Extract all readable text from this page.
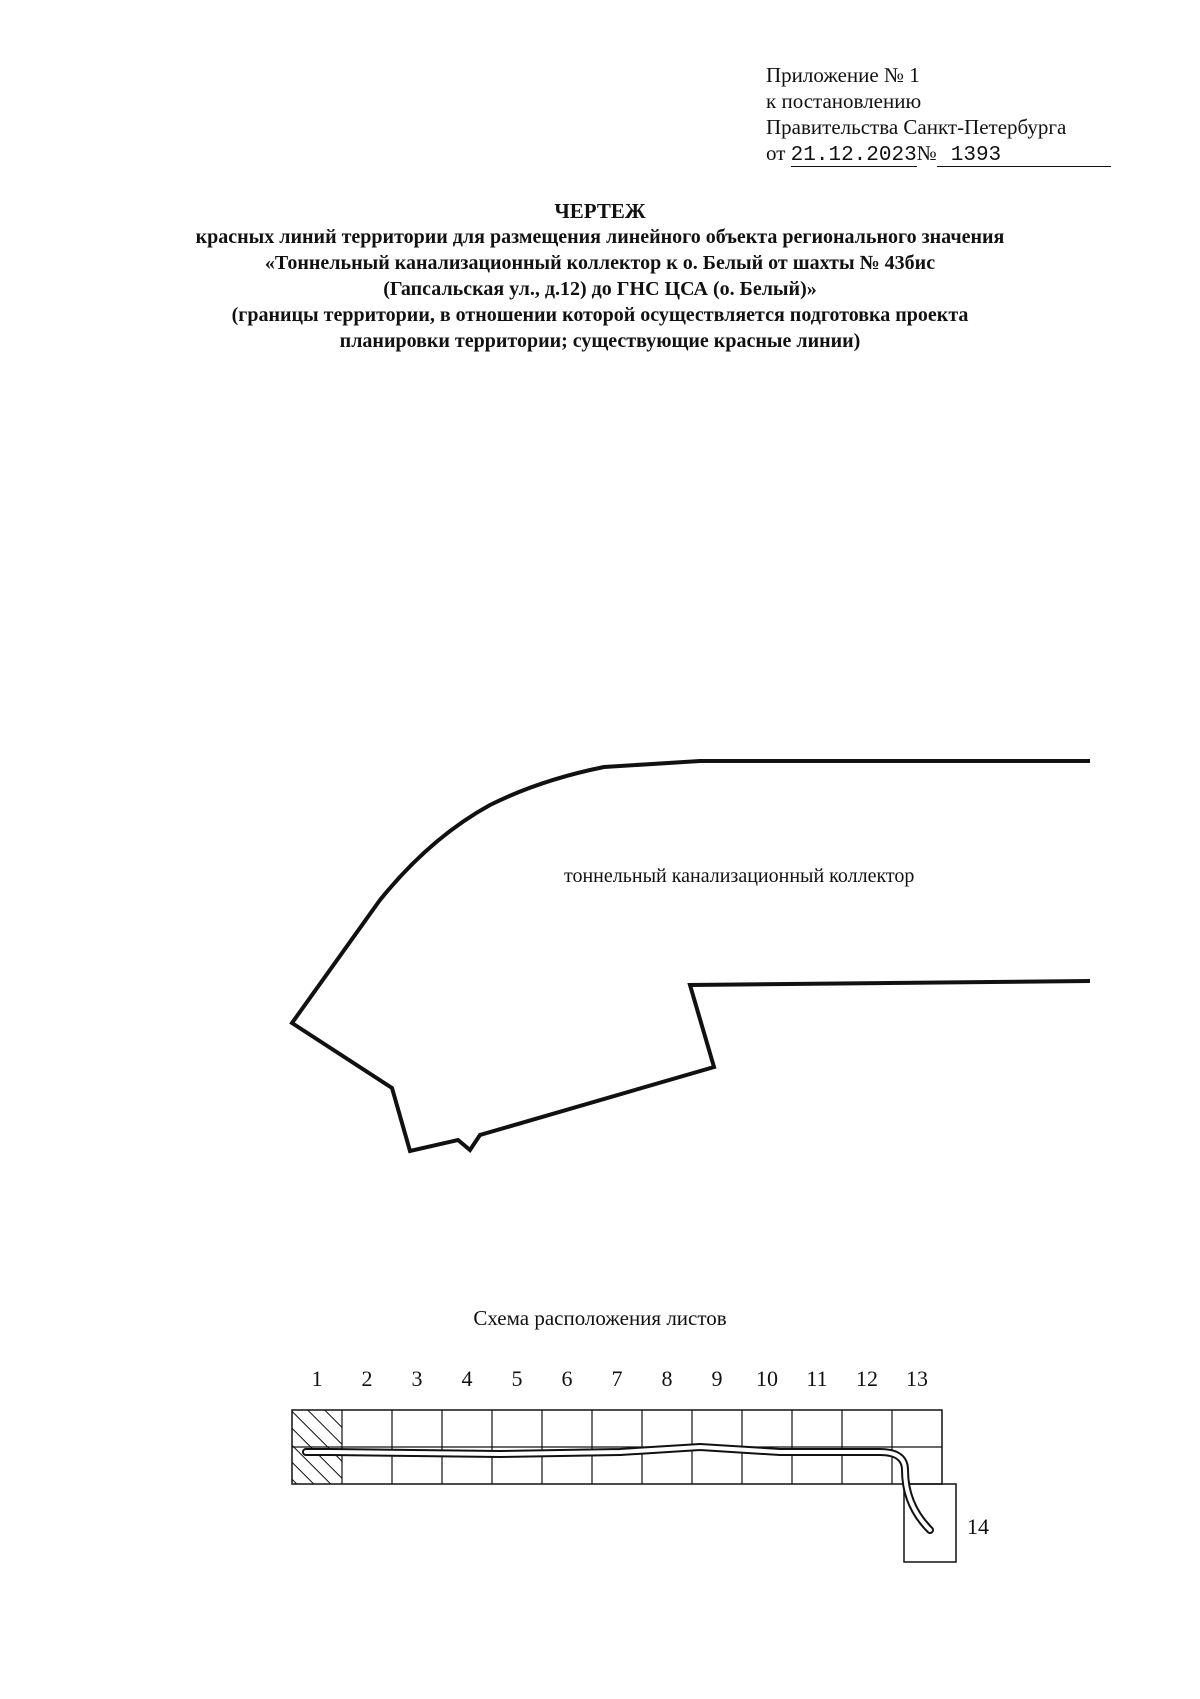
Приложение № 1
к постановлению
Правительства Санкт-Петербурга
от 21.12.2023№ 1393
ЧЕРТЕЖ
красных линий территории для размещения линейного объекта регионального значения
«Тоннельный канализационный коллектор к о. Белый от шахты № 43бис
(Гапсальская ул., д.12) до ГНС ЦСА (о. Белый)»
(границы территории, в отношении которой осуществляется подготовка проекта
планировки территории; существующие красные линии)
тоннельный канализационный коллектор
Схема расположения листов
1	2	3	4	5	6	7	8	9	10	11	12	13
14
